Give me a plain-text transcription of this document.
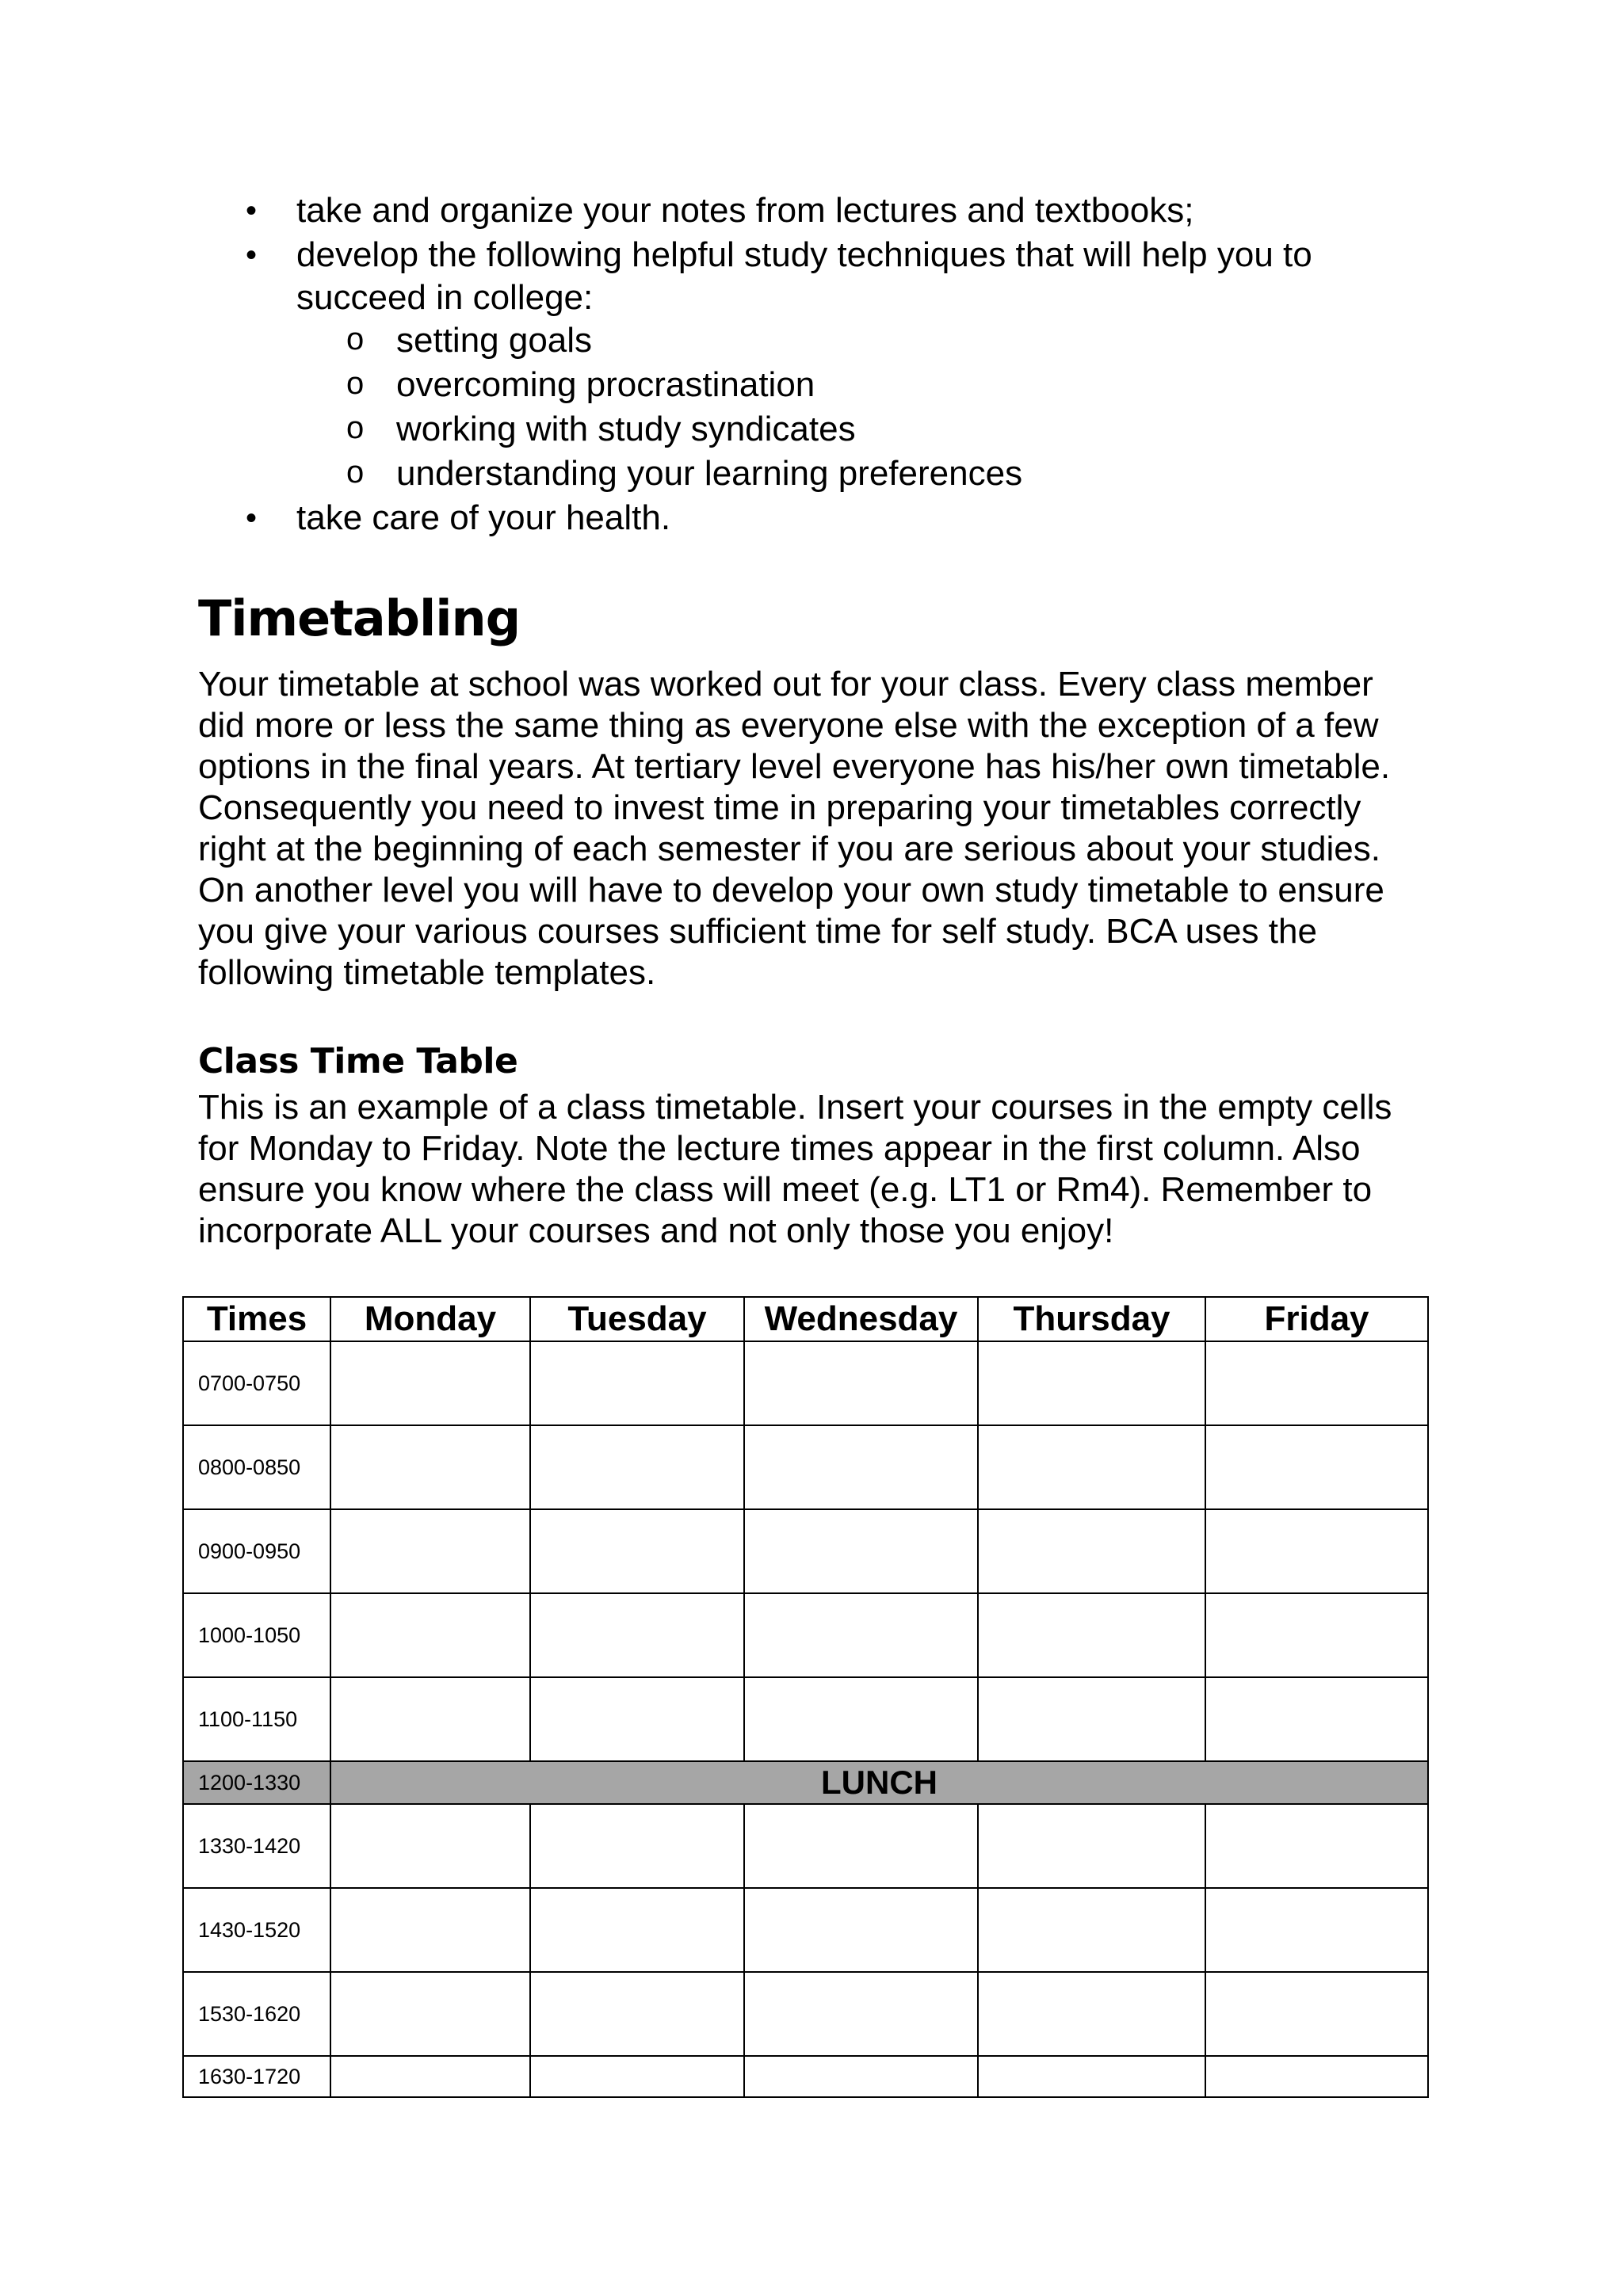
• take and organize your notes from lectures and textbooks;
• develop the following helpful study techniques that will help you to
succeed in college:
o setting goals
o overcoming procrastination
o working with study syndicates
o understanding your learning preferences
• take care of your health.
Timetabling
Your timetable at school was worked out for your class. Every class member
did more or less the same thing as everyone else with the exception of a few
options in the final years. At tertiary level everyone has his/her own timetable.
Consequently you need to invest time in preparing your timetables correctly
right at the beginning of each semester if you are serious about your studies.
On another level you will have to develop your own study timetable to ensure
you give your various courses sufficient time for self study. BCA uses the
following timetable templates.
Class Time Table
This is an example of a class timetable. Insert your courses in the empty cells
for Monday to Friday. Note the lecture times appear in the first column. Also
ensure you know where the class will meet (e.g. LT1 or Rm4). Remember to
incorporate ALL your courses and not only those you enjoy!
Times	Monday	Tuesday	Wednesday	Thursday	Friday
0700-0750					
0800-0850					
0900-0950					
1000-1050					
1100-1150					
1200-1330	LUNCH				
1330-1420					
1430-1520					
1530-1620					
1630-1720					
